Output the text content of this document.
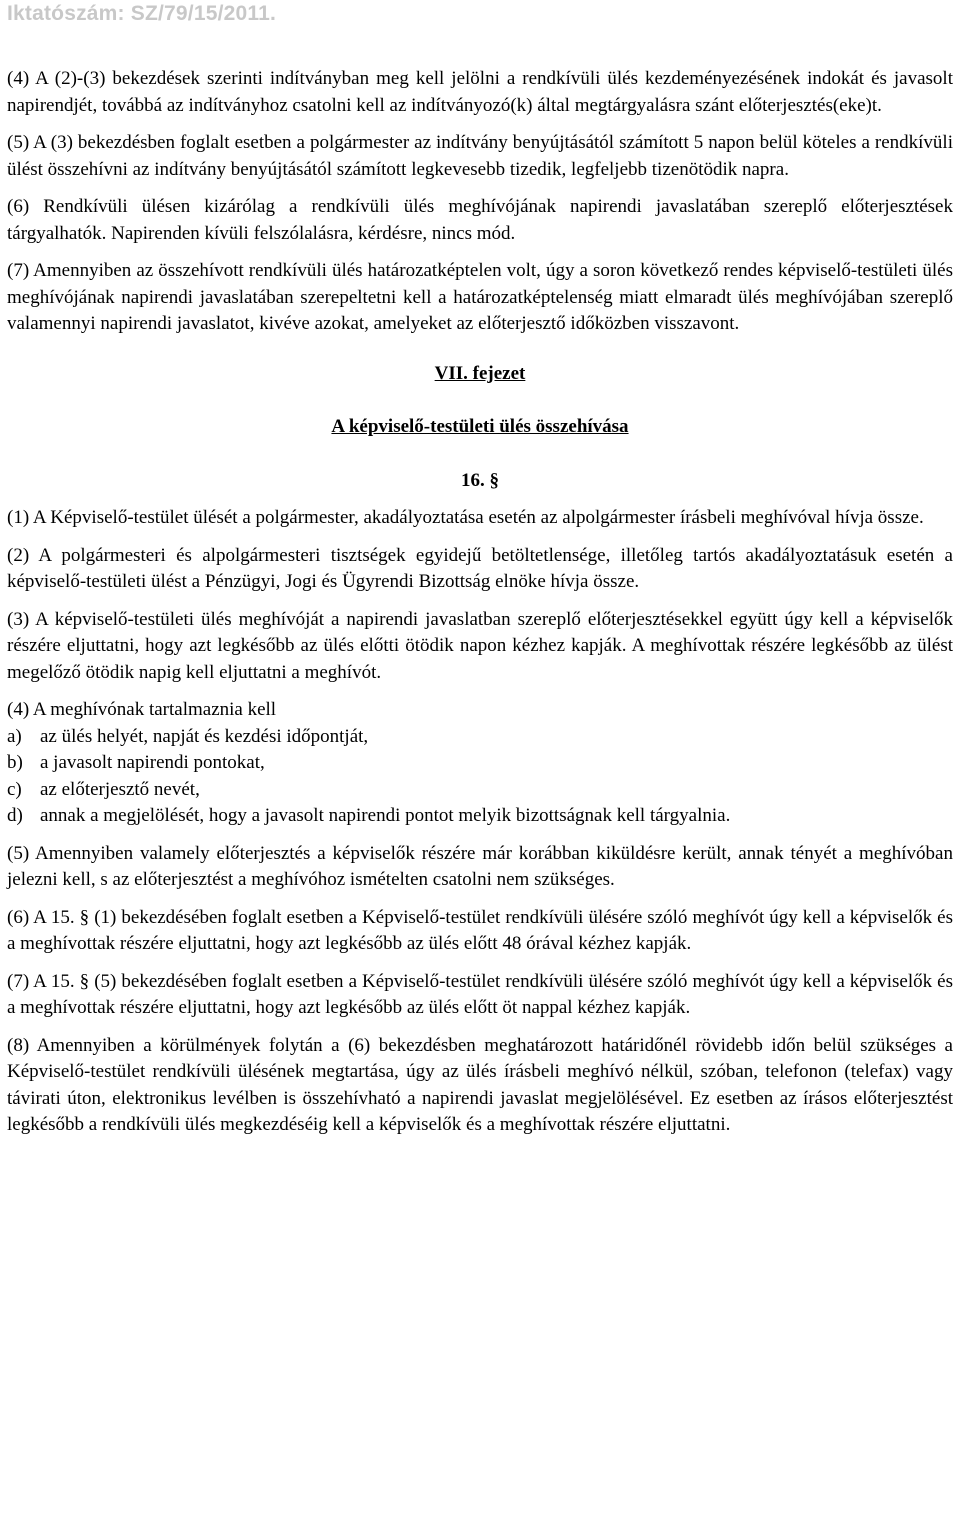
Iktatószám: SZ/79/15/2011.

(4) A (2)-(3) bekezdések szerinti indítványban meg kell jelölni a rendkívüli ülés kezdeményezésének indokát és javasolt napirendjét, továbbá az indítványhoz csatolni kell az indítványozó(k) által megtárgyalásra szánt előterjesztés(eke)t.

(5) A (3) bekezdésben foglalt esetben a polgármester az indítvány benyújtásától számított 5 napon belül köteles a rendkívüli ülést összehívni az indítvány benyújtásától számított legkevesebb tizedik, legfeljebb tizenötödik napra.

(6) Rendkívüli ülésen kizárólag a rendkívüli ülés meghívójának napirendi javaslatában szereplő előterjesztések tárgyalhatók. Napirenden kívüli felszólalásra, kérdésre, nincs mód.

(7) Amennyiben az összehívott rendkívüli ülés határozatképtelen volt, úgy a soron következő rendes képviselő-testületi ülés meghívójának napirendi javaslatában szerepeltetni kell a határozatképtelenség miatt elmaradt ülés meghívójában szereplő valamennyi napirendi javaslatot, kivéve azokat, amelyeket az előterjesztő időközben visszavont.

VII. fejezet

A képviselő-testületi ülés összehívása

16. §

(1) A Képviselő-testület ülését a polgármester, akadályoztatása esetén az alpolgármester írásbeli meghívóval hívja össze.

(2) A polgármesteri és alpolgármesteri tisztségek egyidejű betöltetlensége, illetőleg tartós akadályoztatásuk esetén a képviselő-testületi ülést a Pénzügyi, Jogi és Ügyrendi Bizottság elnöke hívja össze.

(3) A képviselő-testületi ülés meghívóját a napirendi javaslatban szereplő előterjesztésekkel együtt úgy kell a képviselők részére eljuttatni, hogy azt legkésőbb az ülés előtti ötödik napon kézhez kapják. A meghívottak részére legkésőbb az ülést megelőző ötödik napig kell eljuttatni a meghívót.

(4) A meghívónak tartalmaznia kell

a) az ülés helyét, napját és kezdési időpontját,
b) a javasolt napirendi pontokat,
c) az előterjesztő nevét,
d) annak a megjelölését, hogy a javasolt napirendi pontot melyik bizottságnak kell tárgyalnia.

(5) Amennyiben valamely előterjesztés a képviselők részére már korábban kiküldésre került, annak tényét a meghívóban jelezni kell, s az előterjesztést a meghívóhoz ismételten csatolni nem szükséges.

(6) A 15. § (1) bekezdésében foglalt esetben a Képviselő-testület rendkívüli ülésére szóló meghívót úgy kell a képviselők és a meghívottak részére eljuttatni, hogy azt legkésőbb az ülés előtt 48 órával kézhez kapják.

(7) A 15. § (5) bekezdésében foglalt esetben a Képviselő-testület rendkívüli ülésére szóló meghívót úgy kell a képviselők és a meghívottak részére eljuttatni, hogy azt legkésőbb az ülés előtt öt nappal kézhez kapják.

(8) Amennyiben a körülmények folytán a (6) bekezdésben meghatározott határidőnél rövidebb időn belül szükséges a Képviselő-testület rendkívüli ülésének megtartása, úgy az ülés írásbeli meghívó nélkül, szóban, telefonon (telefax) vagy távirati úton, elektronikus levélben is összehívható a napirendi javaslat megjelölésével. Ez esetben az írásos előterjesztést legkésőbb a rendkívüli ülés megkezdéséig kell a képviselők és a meghívottak részére eljuttatni.
